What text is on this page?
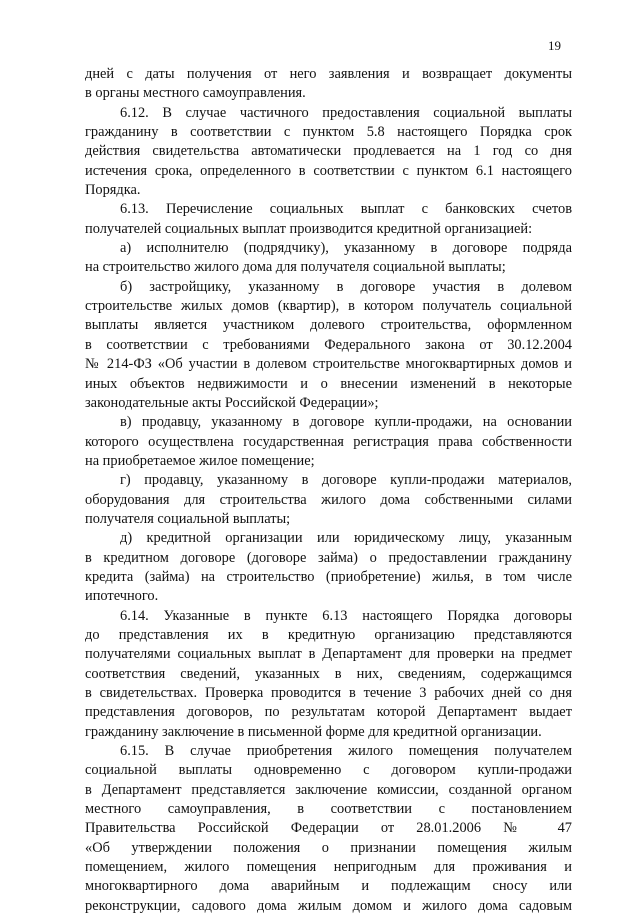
19
дней с даты получения от него заявления и возвращает документы
в органы местного самоуправления.
6.12. В случае частичного предоставления социальной выплаты
гражданину в соответствии с пунктом 5.8 настоящего Порядка срок
действия свидетельства автоматически продлевается на 1 год со дня
истечения срока, определенного в соответствии с пунктом 6.1 настоящего
Порядка.
6.13. Перечисление социальных выплат с банковских счетов
получателей социальных выплат производится кредитной организацией:
а) исполнителю (подрядчику), указанному в договоре подряда
на строительство жилого дома для получателя социальной выплаты;
б) застройщику, указанному в договоре участия в долевом
строительстве жилых домов (квартир), в котором получатель социальной
выплаты является участником долевого строительства, оформленном
в соответствии с требованиями Федерального закона от 30.12.2004
№ 214-ФЗ «Об участии в долевом строительстве многоквартирных домов и
иных объектов недвижимости и о внесении изменений в некоторые
законодательные акты Российской Федерации»;
в) продавцу, указанному в договоре купли-продажи, на основании
которого осуществлена государственная регистрация права собственности
на приобретаемое жилое помещение;
г) продавцу, указанному в договоре купли-продажи материалов,
оборудования для строительства жилого дома собственными силами
получателя социальной выплаты;
д) кредитной организации или юридическому лицу, указанным
в кредитном договоре (договоре займа) о предоставлении гражданину
кредита (займа) на строительство (приобретение) жилья, в том числе
ипотечного.
6.14. Указанные в пункте 6.13 настоящего Порядка договоры
до представления их в кредитную организацию представляются
получателями социальных выплат в Департамент для проверки на предмет
соответствия сведений, указанных в них, сведениям, содержащимся
в свидетельствах. Проверка проводится в течение 3 рабочих дней со дня
представления договоров, по результатам которой Департамент выдает
гражданину заключение в письменной форме для кредитной организации.
6.15. В случае приобретения жилого помещения получателем
социальной выплаты одновременно с договором купли-продажи
в Департамент представляется заключение комиссии, созданной органом
местного самоуправления, в соответствии с постановлением
Правительства Российской Федерации от 28.01.2006 № 47
«Об утверждении положения о признании помещения жилым
помещением, жилого помещения непригодным для проживания и
многоквартирного дома аварийным и подлежащим сносу или
реконструкции, садового дома жилым домом и жилого дома садовым
